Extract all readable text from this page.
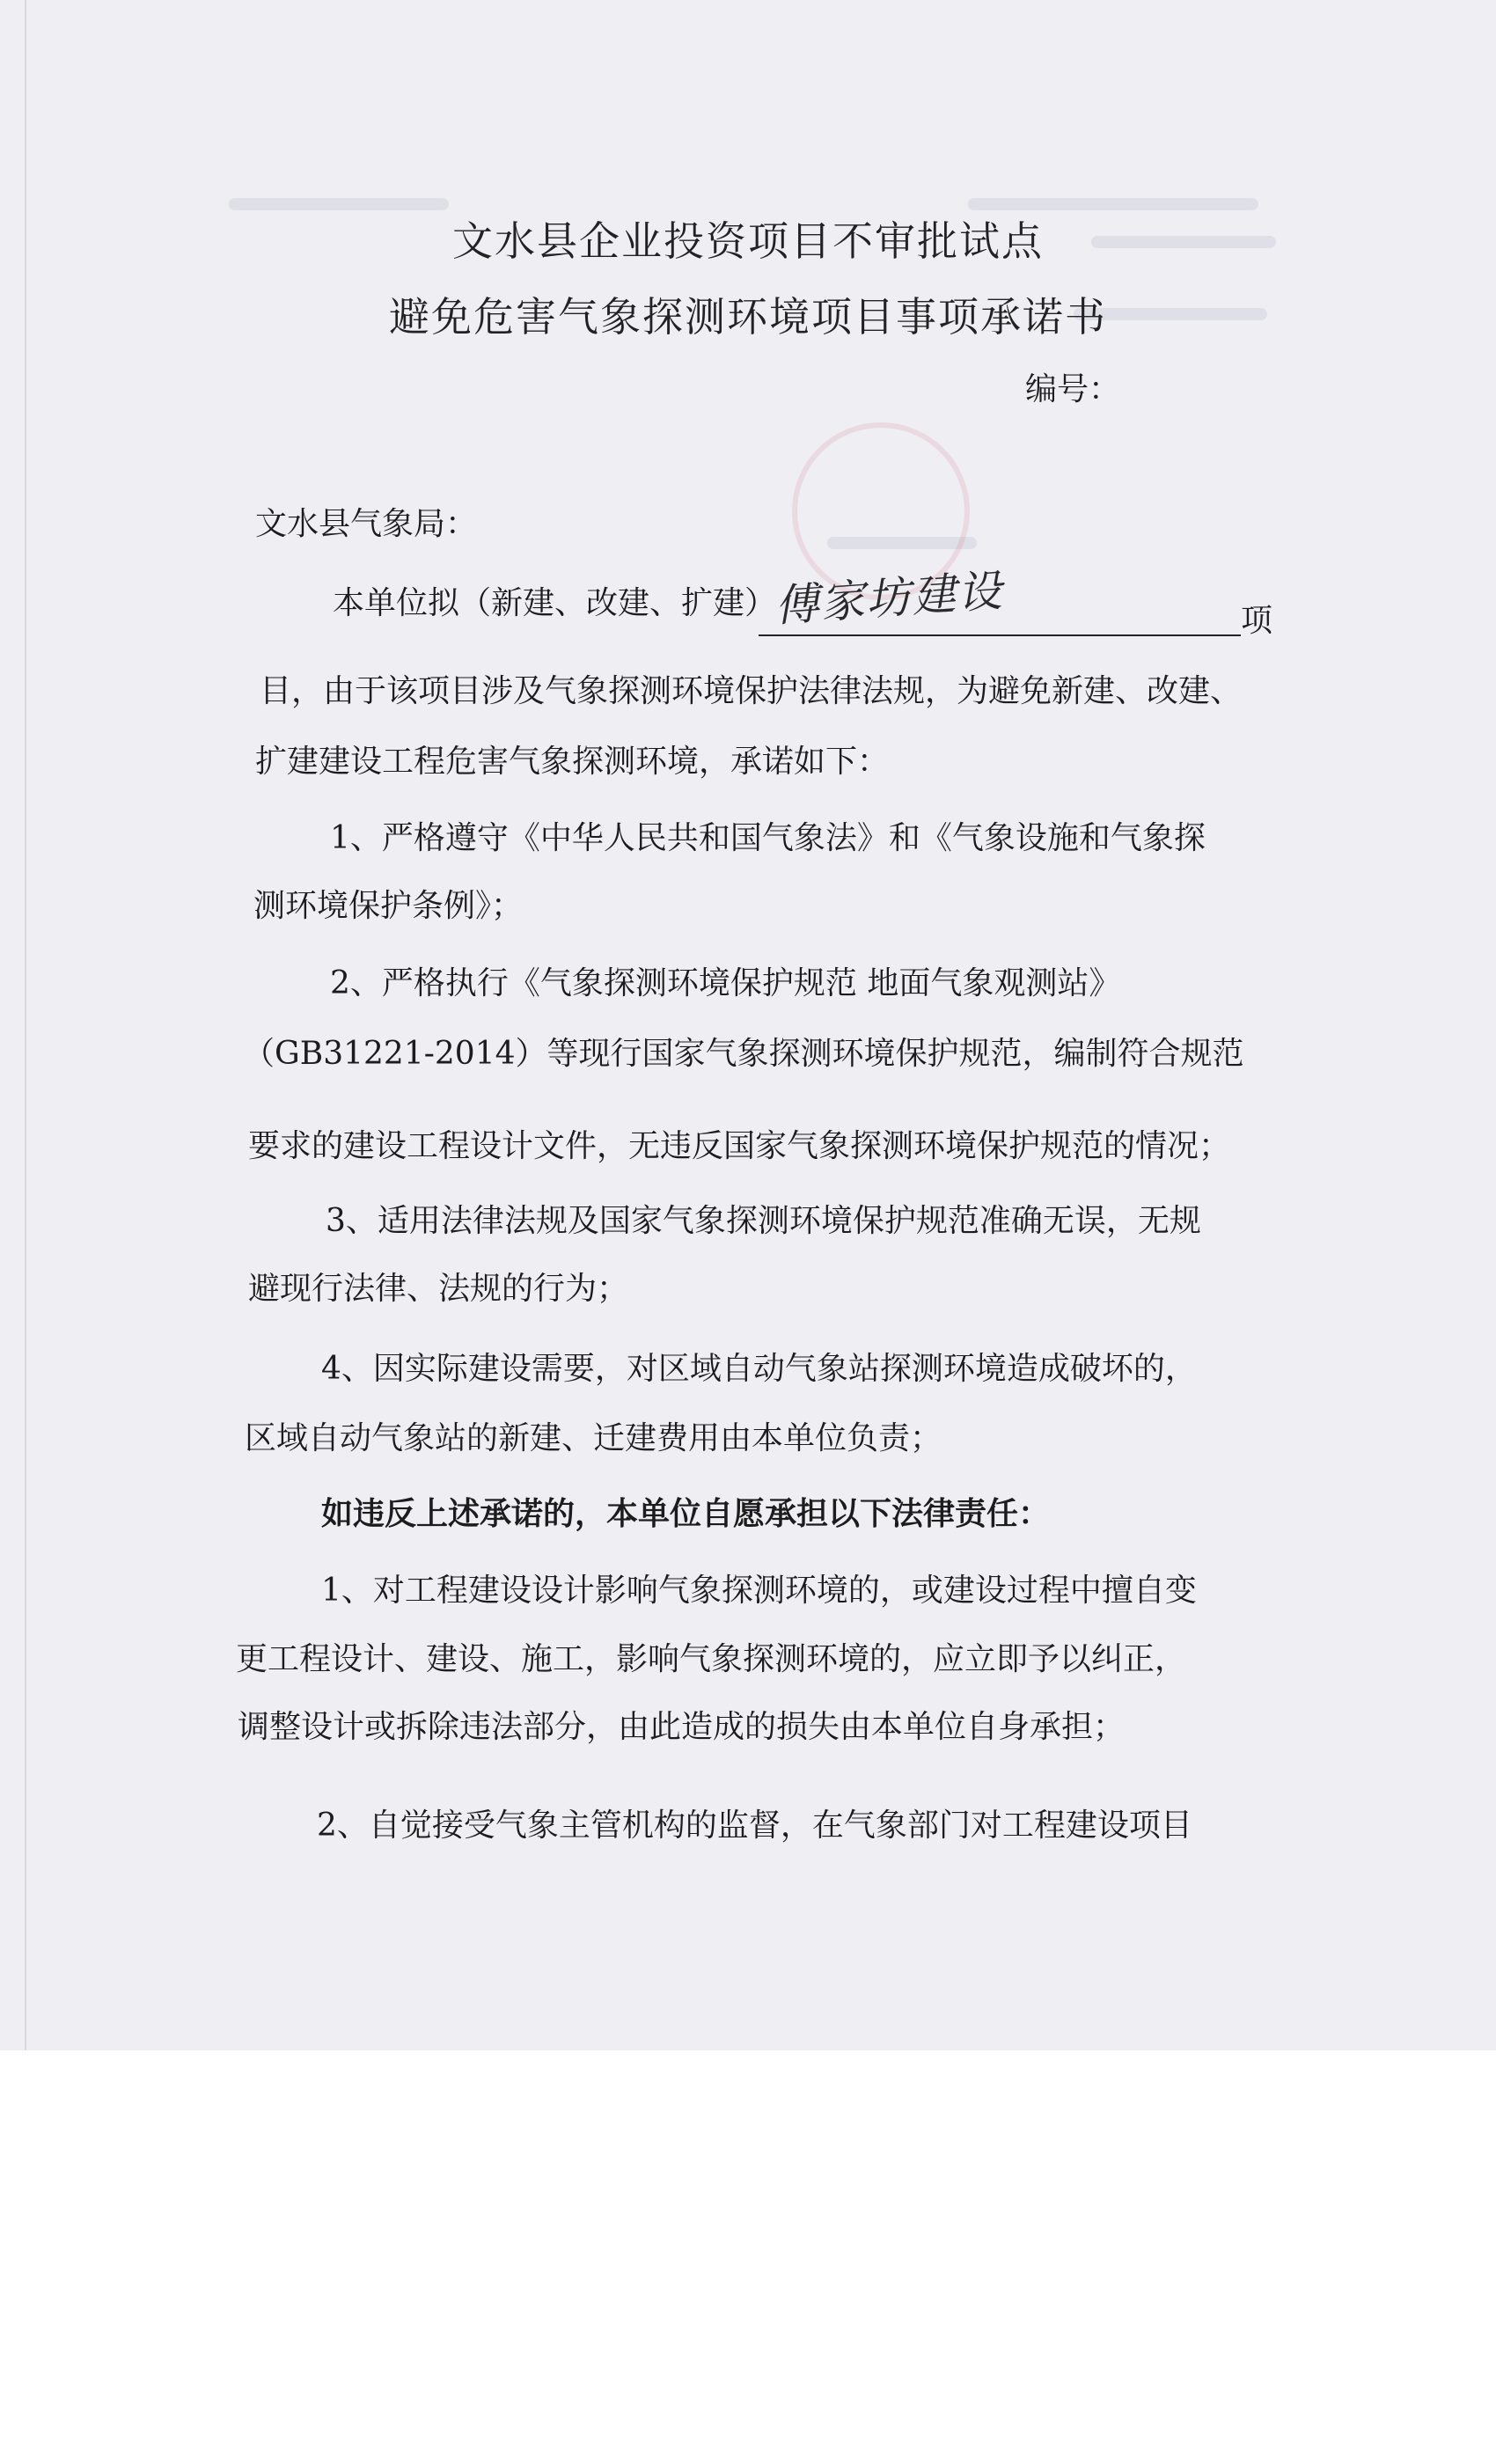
文水县企业投资项目不审批试点
避免危害气象探测环境项目事项承诺书
编号：
文水县气象局：
本单位拟（新建、改建、扩建）
傅家坊建设	项
目，由于该项目涉及气象探测环境保护法律法规，为避免新建、改建、
扩建建设工程危害气象探测环境，承诺如下：
1、严格遵守《中华人民共和国气象法》和《气象设施和气象探
测环境保护条例》；
2、严格执行《气象探测环境保护规范 地面气象观测站》
（GB31221-2014）等现行国家气象探测环境保护规范，编制符合规范
要求的建设工程设计文件，无违反国家气象探测环境保护规范的情况；
3、适用法律法规及国家气象探测环境保护规范准确无误，无规
避现行法律、法规的行为；
4、因实际建设需要，对区域自动气象站探测环境造成破坏的，
区域自动气象站的新建、迁建费用由本单位负责；
如违反上述承诺的，本单位自愿承担以下法律责任：
1、对工程建设设计影响气象探测环境的，或建设过程中擅自变
更工程设计、建设、施工，影响气象探测环境的，应立即予以纠正，
调整设计或拆除违法部分，由此造成的损失由本单位自身承担；
2、自觉接受气象主管机构的监督，在气象部门对工程建设项目
